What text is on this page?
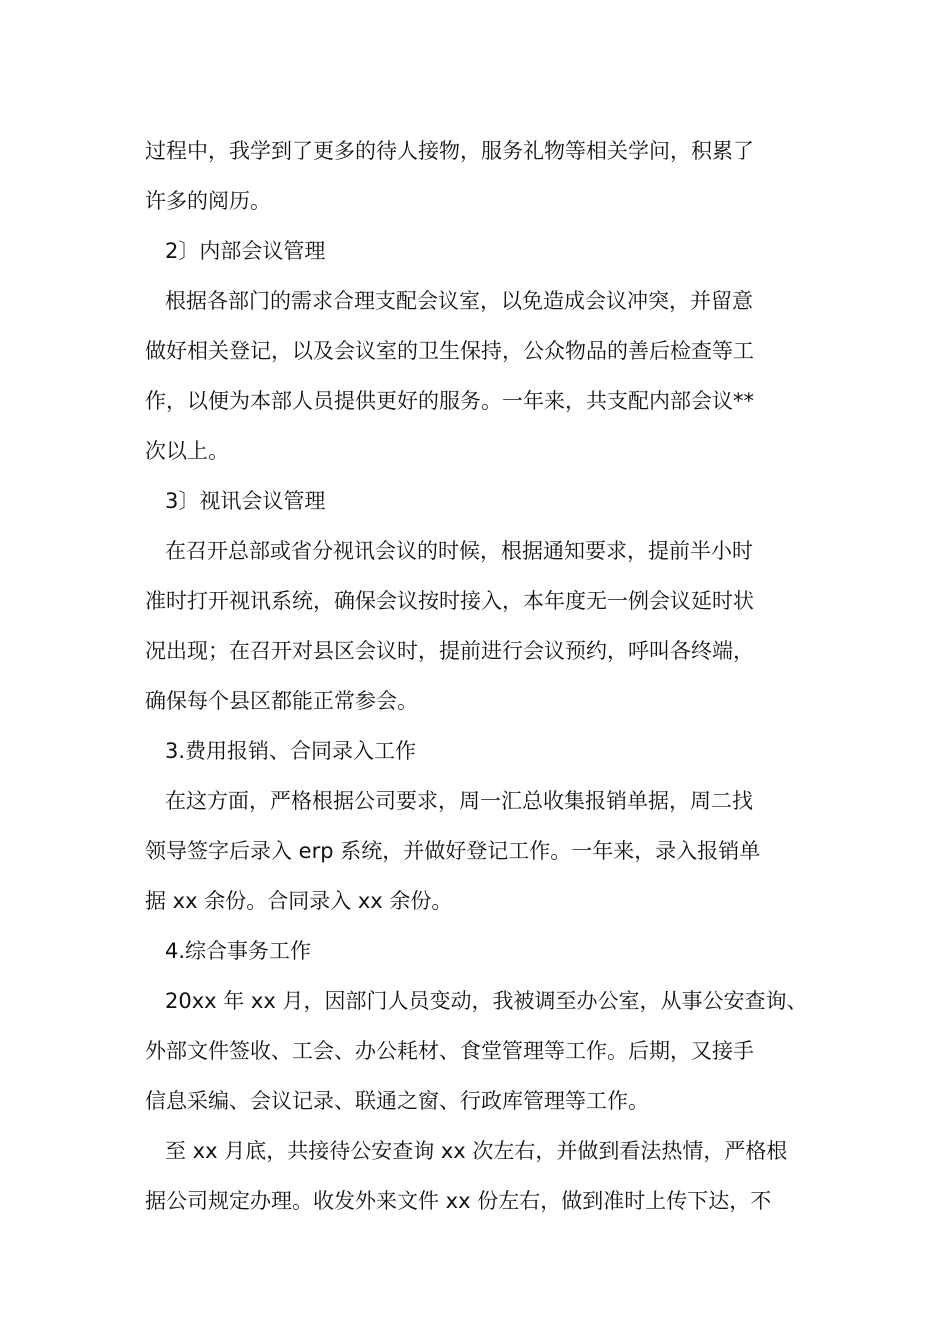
过程中，我学到了更多的待人接物，服务礼物等相关学问，积累了
许多的阅历。
2〕内部会议管理
根据各部门的需求合理支配会议室，以免造成会议冲突，并留意
做好相关登记，以及会议室的卫生保持，公众物品的善后检查等工
作，以便为本部人员提供更好的服务。一年来，共支配内部会议**
次以上。
3〕视讯会议管理
在召开总部或省分视讯会议的时候，根据通知要求，提前半小时
准时打开视讯系统，确保会议按时接入，本年度无一例会议延时状
况出现；在召开对县区会议时，提前进行会议预约，呼叫各终端，
确保每个县区都能正常参会。
3.费用报销、合同录入工作
在这方面，严格根据公司要求，周一汇总收集报销单据，周二找
领导签字后录入 erp 系统，并做好登记工作。一年来，录入报销单
据 xx 余份。合同录入 xx 余份。
4.综合事务工作
20xx 年 xx 月，因部门人员变动，我被调至办公室，从事公安查询、
外部文件签收、工会、办公耗材、食堂管理等工作。后期，又接手
信息采编、会议记录、联通之窗、行政库管理等工作。
至 xx 月底，共接待公安查询 xx 次左右，并做到看法热情，严格根
据公司规定办理。收发外来文件 xx 份左右，做到准时上传下达，不
